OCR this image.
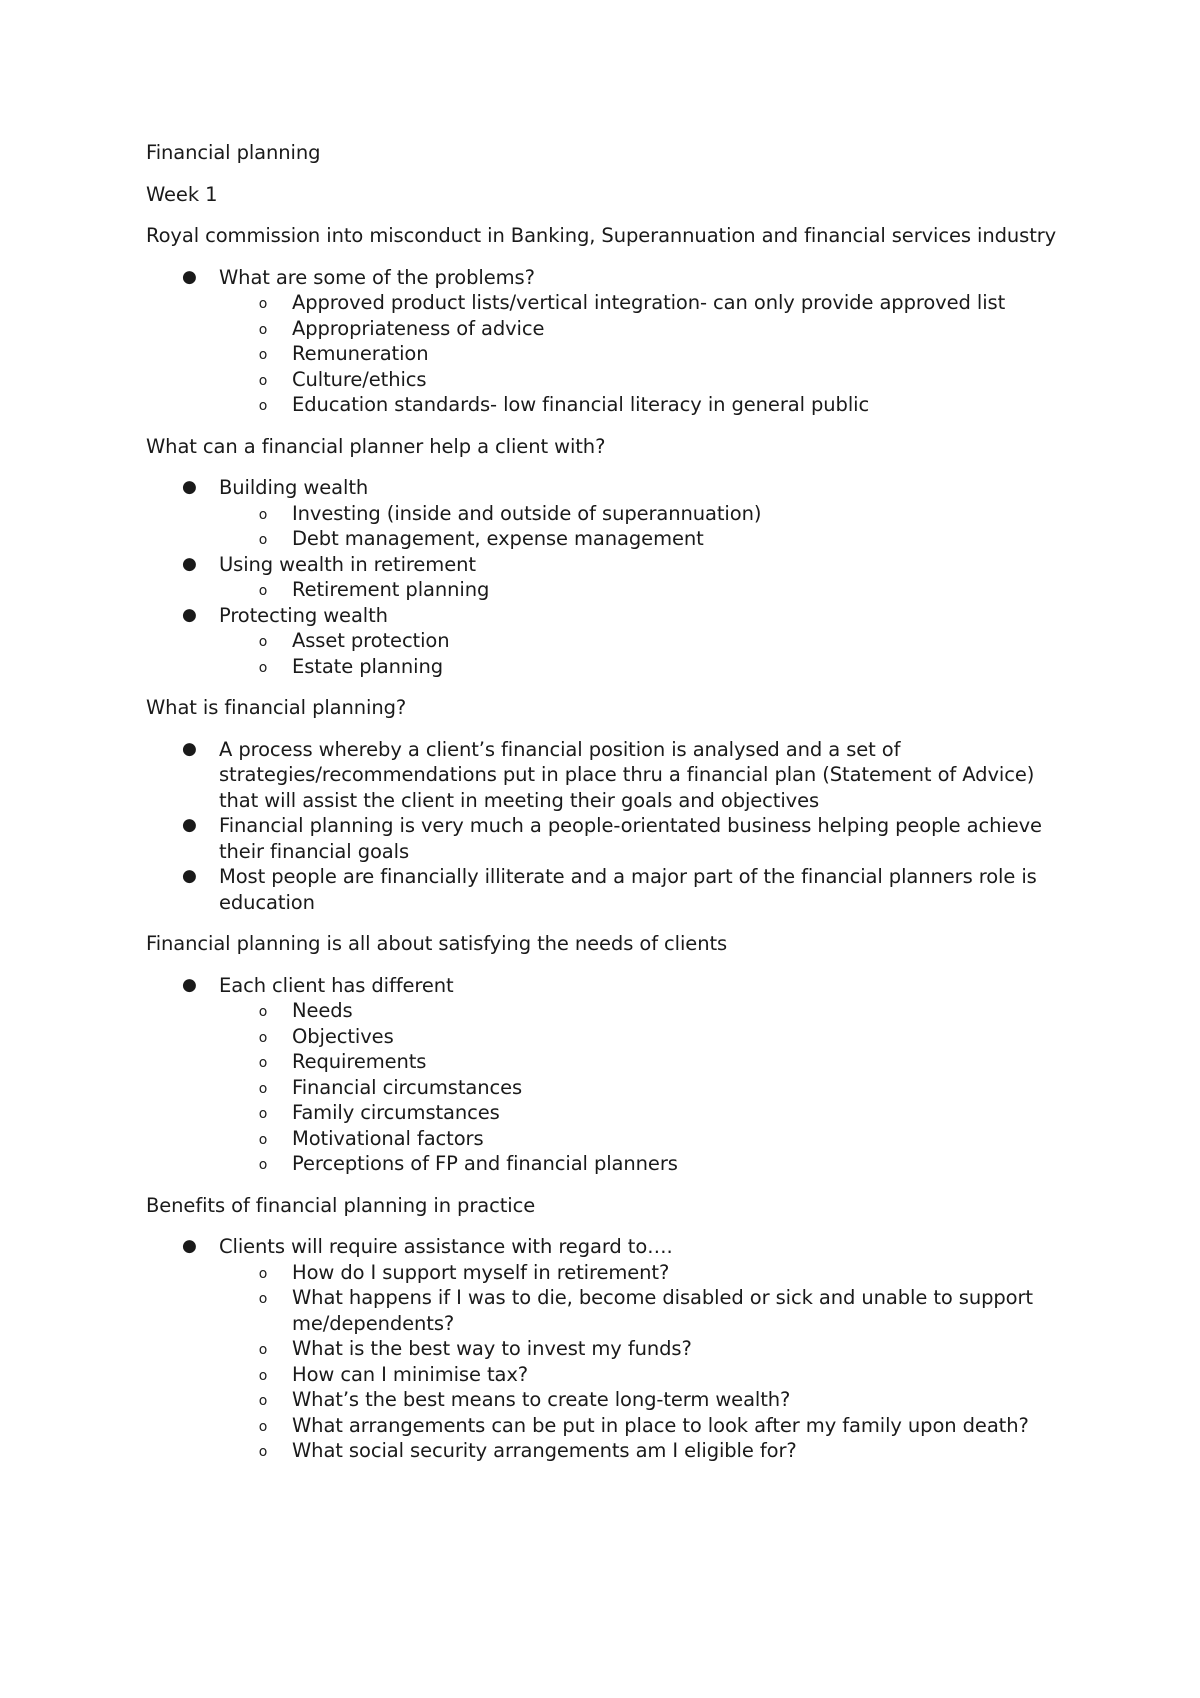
Financial planning

Week 1

Royal commission into misconduct in Banking, Superannuation and financial services industry

● What are some of the problems?
o Approved product lists/vertical integration- can only provide approved list
o Appropriateness of advice
o Remuneration
o Culture/ethics
o Education standards- low financial literacy in general public

What can a financial planner help a client with?

● Building wealth
o Investing (inside and outside of superannuation)
o Debt management, expense management
● Using wealth in retirement
o Retirement planning
● Protecting wealth
o Asset protection
o Estate planning

What is financial planning?

● A process whereby a client’s financial position is analysed and a set of strategies/recommendations put in place thru a financial plan (Statement of Advice) that will assist the client in meeting their goals and objectives
● Financial planning is very much a people-orientated business helping people achieve their financial goals
● Most people are financially illiterate and a major part of the financial planners role is education

Financial planning is all about satisfying the needs of clients

● Each client has different
o Needs
o Objectives
o Requirements
o Financial circumstances
o Family circumstances
o Motivational factors
o Perceptions of FP and financial planners

Benefits of financial planning in practice

● Clients will require assistance with regard to….
o How do I support myself in retirement?
o What happens if I was to die, become disabled or sick and unable to support me/dependents?
o What is the best way to invest my funds?
o How can I minimise tax?
o What’s the best means to create long-term wealth?
o What arrangements can be put in place to look after my family upon death?
o What social security arrangements am I eligible for?
